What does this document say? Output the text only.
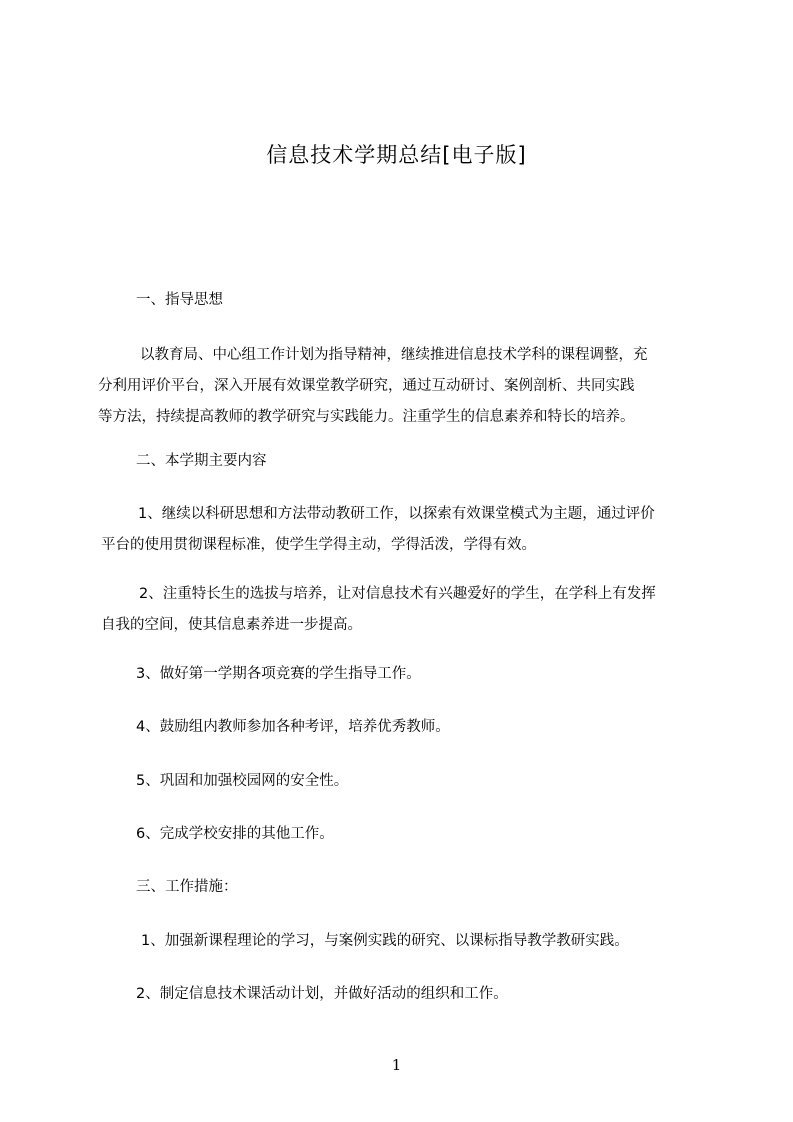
信息技术学期总结[电子版]
一、指导思想
以教育局、中心组工作计划为指导精神，继续推进信息技术学科的课程调整，充
分利用评价平台，深入开展有效课堂教学研究，通过互动研讨、案例剖析、共同实践
等方法，持续提高教师的教学研究与实践能力。注重学生的信息素养和特长的培养。
二、本学期主要内容
1、继续以科研思想和方法带动教研工作，以探索有效课堂模式为主题，通过评价
平台的使用贯彻课程标准，使学生学得主动，学得活泼，学得有效。
2、注重特长生的选拔与培养，让对信息技术有兴趣爱好的学生，在学科上有发挥
自我的空间，使其信息素养进一步提高。
3、做好第一学期各项竞赛的学生指导工作。
4、鼓励组内教师参加各种考评，培养优秀教师。
5、巩固和加强校园网的安全性。
6、完成学校安排的其他工作。
三、工作措施：
1、加强新课程理论的学习，与案例实践的研究、以课标指导教学教研实践。
2、制定信息技术课活动计划，并做好活动的组织和工作。
1
